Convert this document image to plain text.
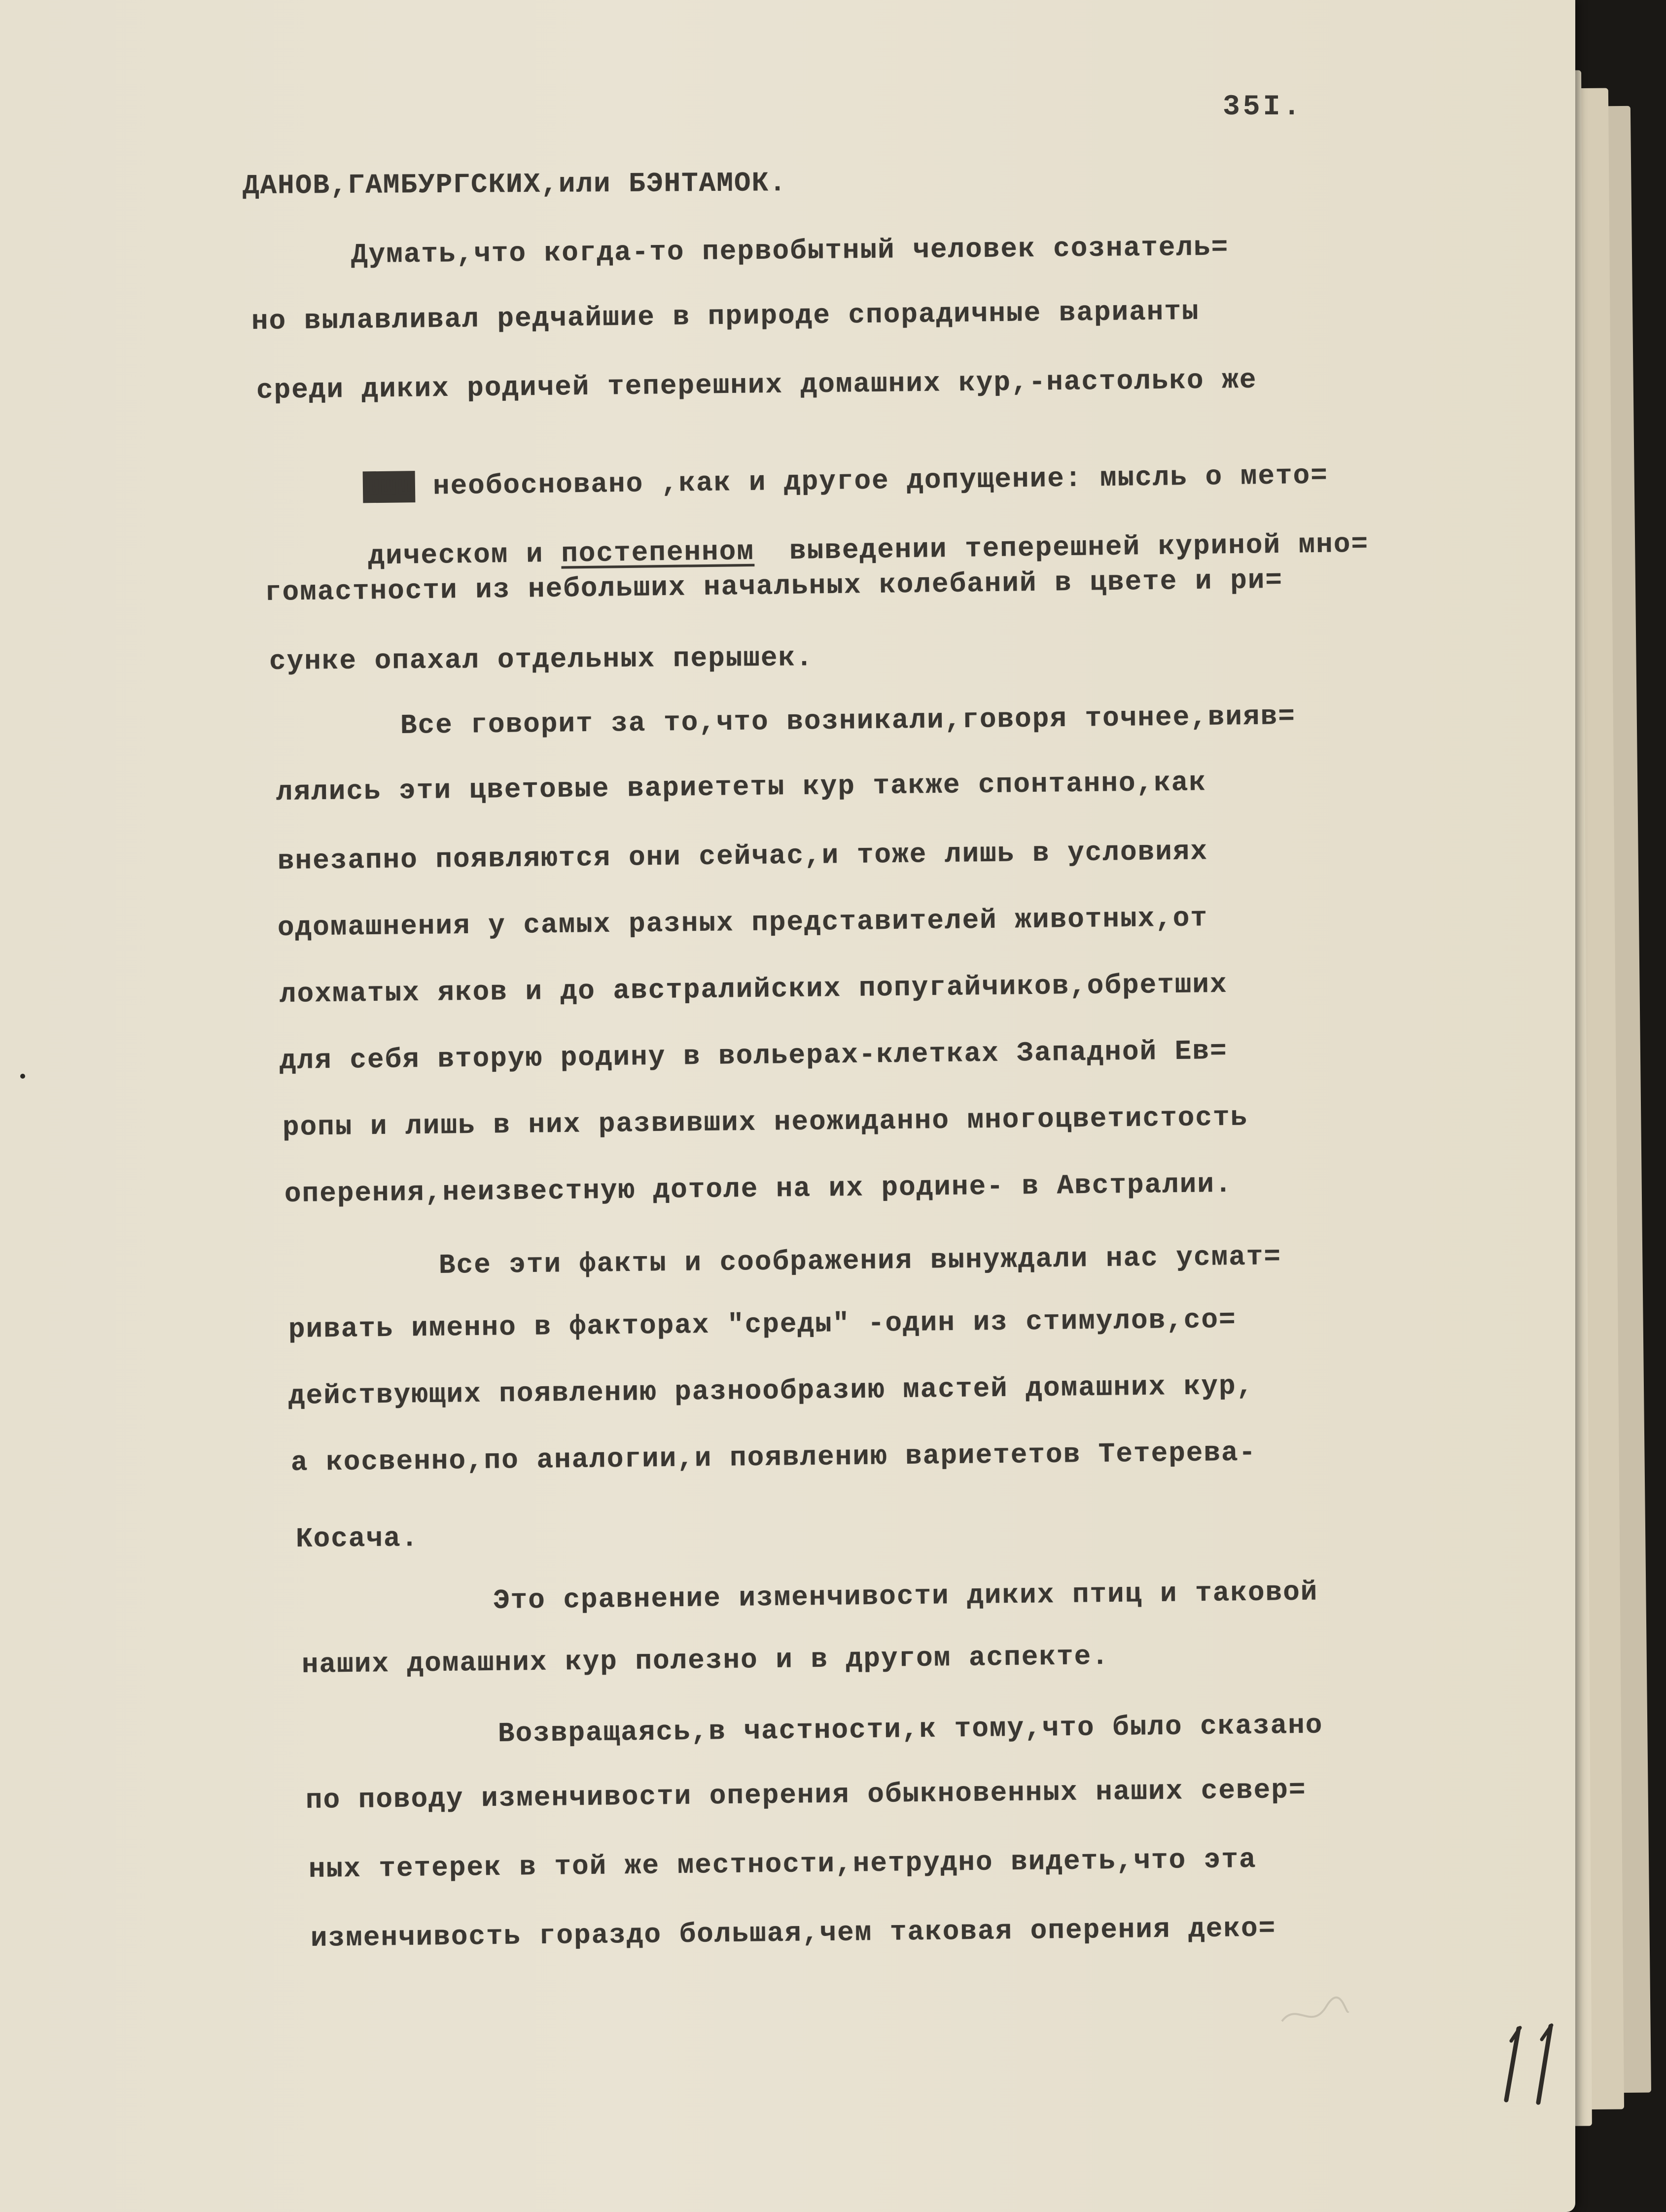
35I.
ДАНОВ,ГАМБУРГСКИХ,или БЭНТАМОК.
Думать,что когда-то первобытный человек сознатель=
но вылавливал редчайшие в природе спорадичные варианты
среди диких родичей теперешних домашних кур,-настолько же

шшш необосновано ,как и другое допущение: мысль о мето=

дическом и постепенном  выведении теперешней куриной мно=

гомастности из небольших начальных колебаний в цвете и ри=
сунке опахал отдельных перышек.
Все говорит за то,что возникали,говоря точнее,вияв=
лялись эти цветовые вариететы кур также спонтанно,как
внезапно появляются они сейчас,и тоже лишь в условиях
одомашнения у самых разных представителей животных,от
лохматых яков и до австралийских попугайчиков,обретших
для себя вторую родину в вольерах-клетках Западной Ев=
ропы и лишь в них развивших неожиданно многоцветистость
оперения,неизвестную дотоле на их родине- в Австралии.
Все эти факты и соображения вынуждали нас усмат=
ривать именно в факторах "среды" -один из стимулов,со=
действующих появлению разнообразию мастей домашних кур,
а косвенно,по аналогии,и появлению вариететов Тетерева-
Косача.
Это сравнение изменчивости диких птиц и таковой
наших домашних кур полезно и в другом аспекте.
Возвращаясь,в частности,к тому,что было сказано
по поводу изменчивости оперения обыкновенных наших север=
ных тетерек в той же местности,нетрудно видеть,что эта
изменчивость гораздо большая,чем таковая оперения деко=
